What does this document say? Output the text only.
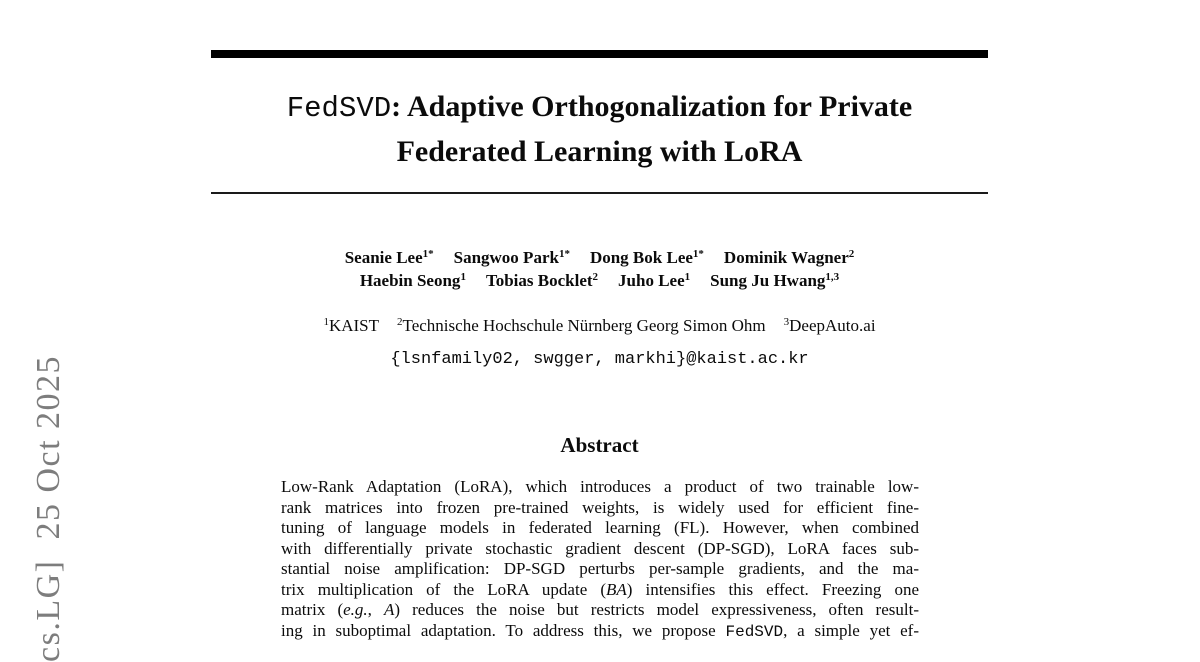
cs.LG]  25 Oct 2025
FedSVD: Adaptive Orthogonalization for Private
Federated Learning with LoRA
Seanie Lee$^{1*}$ Sangwoo Park$^{1*}$ Dong Bok Lee$^{1*}$ Dominik Wagner$^2$
Haebin Seong$^1$ Tobias Bocklet$^2$ Juho Lee$^1$ Sung Ju Hwang$^{1,3}$
$^1$KAIST $^2$Technische Hochschule Nürnberg Georg Simon Ohm $^3$DeepAuto.ai
{lsnfamily02, swgger, markhi}@kaist.ac.kr
Abstract
Low-Rank Adaptation (LoRA), which introduces a product of two trainable low-
rank matrices into frozen pre-trained weights, is widely used for efficient fine-
tuning of language models in federated learning (FL). However, when combined
with differentially private stochastic gradient descent (DP-SGD), LoRA faces sub-
stantial noise amplification: DP-SGD perturbs per-sample gradients, and the ma-
trix multiplication of the LoRA update (BA) intensifies this effect. Freezing one
matrix (e.g., A) reduces the noise but restricts model expressiveness, often result-
ing in suboptimal adaptation. To address this, we propose FedSVD, a simple yet ef-
